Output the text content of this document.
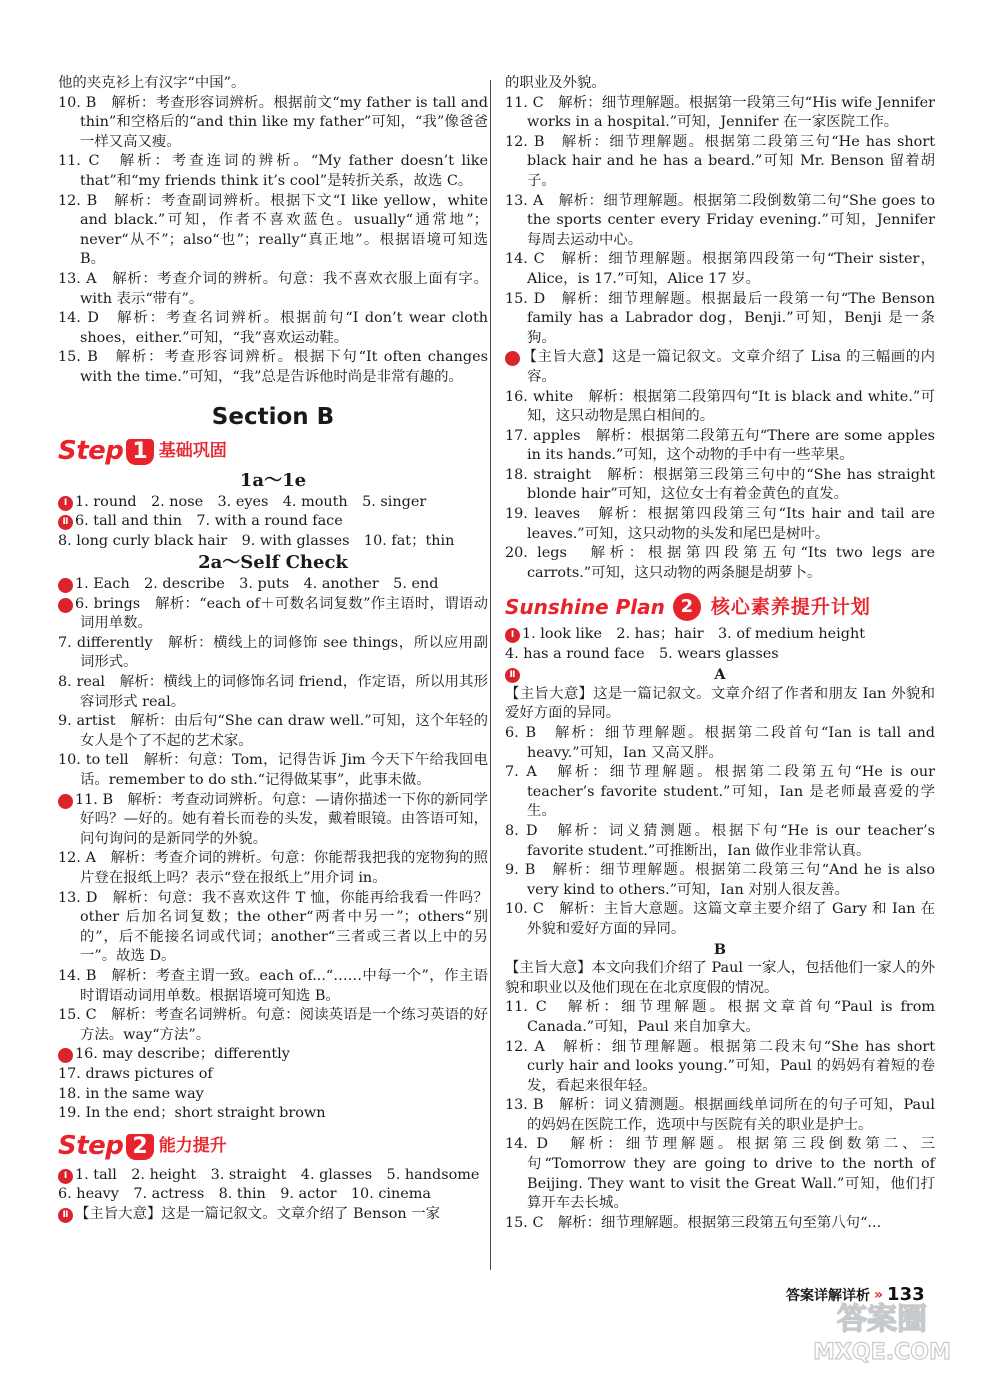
他的夹克衫上有汉字“中国”。

10. B　解析：考查形容词辨析。根据前文“my father is tall and thin”和空格后的“and thin like my father”可知，“我”像爸爸一样又高又瘦。

11. C　解析：考查连词的辨析。“My father doesn’t like that”和“my friends think it’s cool”是转折关系，故选 C。

12. B　解析：考查副词辨析。根据下文“I like yellow，white and black.”可知，作者不喜欢蓝色。usually“通常地”；never“从不”；also“也”；really“真正地”。根据语境可知选 B。

13. A　解析：考查介词的辨析。句意：我不喜欢衣服上面有字。with 表示“带有”。

14. D　解析：考查名词辨析。根据前句“I don’t wear cloth shoes，either.”可知，“我”喜欢运动鞋。

15. B　解析：考查形容词辨析。根据下句“It often changes with the time.”可知，“我”总是告诉他时尚是非常有趣的。

Section B
Step 1 基础巩固
1a～1e

Ⅰ 1. round　2. nose　3. eyes　4. mouth　5. singer

Ⅱ 6. tall and thin　7. with a round face

8. long curly black hair　9. with glasses　10. fat；thin

2a～Self Check

Ⅰ 1. Each　2. describe　3. puts　4. another　5. end

Ⅱ 6. brings　解析：“each of＋可数名词复数”作主语时，谓语动词用单数。

7. differently　解析：横线上的词修饰 see things，所以应用副词形式。

8. real　解析：横线上的词修饰名词 friend，作定语，所以用其形容词形式 real。

9. artist　解析：由后句“She can draw well.”可知，这个年轻的女人是个了不起的艺术家。

10. to tell　解析：句意：Tom，记得告诉 Jim 今天下午给我回电话。remember to do sth.“记得做某事”，此事未做。

Ⅲ 11. B　解析：考查动词辨析。句意：—请你描述一下你的新同学好吗？—好的。她有着长而卷的头发，戴着眼镜。由答语可知，问句询问的是新同学的外貌。

12. A　解析：考查介词的辨析。句意：你能帮我把我的宠物狗的照片登在报纸上吗？表示“登在报纸上”用介词 in。

13. D　解析：句意：我不喜欢这件 T 恤，你能再给我看一件吗？other 后加名词复数；the other“两者中另一”；others“别的”，后不能接名词或代词；another“三者或三者以上中的另一”。故选 D。

14. B　解析：考查主谓一致。each of...“……中每一个”，作主语时谓语动词用单数。根据语境可知选 B。

15. C　解析：考查名词辨析。句意：阅读英语是一个练习英语的好方法。way“方法”。

Ⅳ 16. may describe；differently

17. draws pictures of

18. in the same way

19. In the end；short straight brown

Step 2 能力提升

Ⅰ 1. tall　2. height　3. straight　4. glasses　5. handsome

6. heavy　7. actress　8. thin　9. actor　10. cinema

Ⅱ 【主旨大意】这是一篇记叙文。文章介绍了 Benson 一家

的职业及外貌。

11. C　解析：细节理解题。根据第一段第三句“His wife Jennifer works in a hospital.”可知，Jennifer 在一家医院工作。

12. B　解析：细节理解题。根据第二段第三句“He has short black hair and he has a beard.”可知 Mr. Benson 留着胡子。

13. A　解析：细节理解题。根据第二段倒数第二句“She goes to the sports center every Friday evening.”可知，Jennifer 每周去运动中心。

14. C　解析：细节理解题。根据第四段第一句“Their sister，Alice，is 17.”可知，Alice 17 岁。

15. D　解析：细节理解题。根据最后一段第一句“The Benson family has a Labrador dog，Benji.”可知，Benji 是一条狗。

Ⅲ 【主旨大意】这是一篇记叙文。文章介绍了 Lisa 的三幅画的内容。

16. white　解析：根据第二段第四句“It is black and white.”可知，这只动物是黑白相间的。

17. apples　解析：根据第二段第五句“There are some apples in its hands.”可知，这个动物的手中有一些苹果。

18. straight　解析：根据第三段第三句中的“She has straight blonde hair”可知，这位女士有着金黄色的直发。

19. leaves　解析：根据第四段第三句“Its hair and tail are leaves.”可知，这只动物的头发和尾巴是树叶。

20. legs　解析：根据第四段第五句“Its two legs are carrots.”可知，这只动物的两条腿是胡萝卜。

Sunshine Plan 2 核心素养提升计划

Ⅰ 1. look like　2. has；hair　3. of medium height

4. has a round face　5. wears glasses

Ⅱ	A

【主旨大意】这是一篇记叙文。文章介绍了作者和朋友 Ian 外貌和爱好方面的异同。

6. B　解析：细节理解题。根据第二段首句“Ian is tall and heavy.”可知，Ian 又高又胖。

7. A　解析：细节理解题。根据第二段第五句“He is our teacher’s favorite student.”可知，Ian 是老师最喜爱的学生。

8. D　解析：词义猜测题。根据下句“He is our teacher’s favorite student.”可推断出，Ian 做作业非常认真。

9. B　解析：细节理解题。根据第二段第三句“And he is also very kind to others.”可知，Ian 对别人很友善。

10. C　解析：主旨大意题。这篇文章主要介绍了 Gary 和 Ian 在外貌和爱好方面的异同。

B

【主旨大意】本文向我们介绍了 Paul 一家人，包括他们一家人的外貌和职业以及他们现在在北京度假的情况。

11. C　解析：细节理解题。根据文章首句“Paul is from Canada.”可知，Paul 来自加拿大。

12. A　解析：细节理解题。根据第二段末句“She has short curly hair and looks young.”可知，Paul 的妈妈有着短的卷发，看起来很年轻。

13. B　解析：词义猜测题。根据画线单词所在的句子可知，Paul 的妈妈在医院工作，选项中与医院有关的职业是护士。

14. D　解析：细节理解题。根据第三段倒数第二、三句“Tomorrow they are going to drive to the north of Beijing. They want to visit the Great Wall.”可知，他们打算开车去长城。

15. C　解析：细节理解题。根据第三段第五句至第八句“...

答案详解详析 » 133
答案圈
MXQE.COM
